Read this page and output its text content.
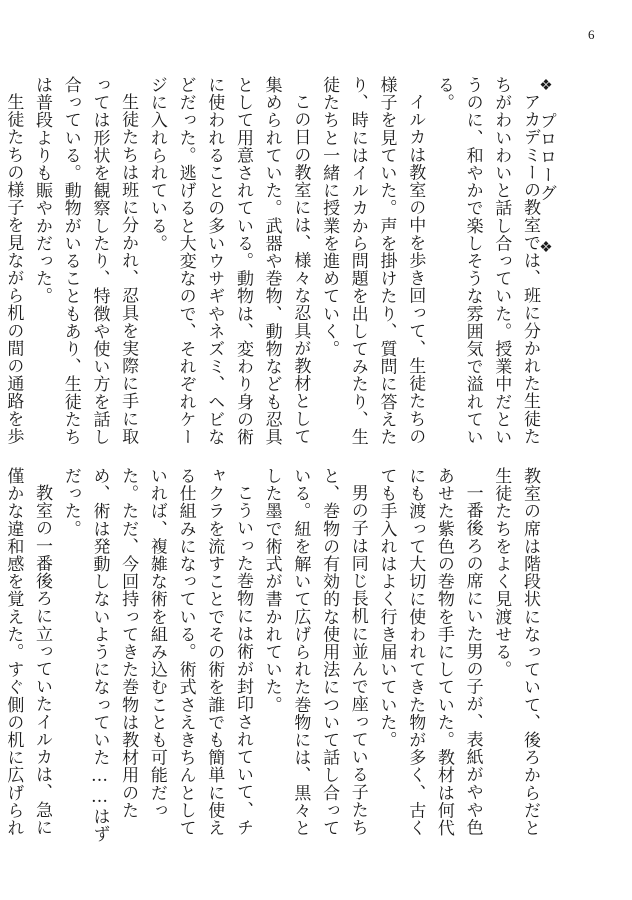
6
❖　プロローグ　　❖

アカデミーの教室では、班に分かれた生徒たちがわいわいと話し合っていた。授業中だというのに、和やかで楽しそうな雰囲気で溢れている。

イルカは教室の中を歩き回って、生徒たちの様子を見ていた。声を掛けたり、質問に答えたり、時にはイルカから問題を出してみたり、生徒たちと一緒に授業を進めていく。

この日の教室には、様々な忍具が教材として集められていた。武器や巻物、動物なども忍具として用意されている。動物は、変わり身の術に使われることの多いウサギやネズミ、ヘビなどだった。逃げると大変なので、それぞれケージに入れられている。

生徒たちは班に分かれ、忍具を実際に手に取っては形状を観察したり、特徴や使い方を話し合っている。動物がいることもあり、生徒たちは普段よりも賑やかだった。

生徒たちの様子を見ながら机の間の通路を歩

教室の席は階段状になっていて、後ろからだと生徒たちをよく見渡せる。

一番後ろの席にいた男の子が、表紙がやや色あせた紫色の巻物を手にしていた。教材は何代にも渡って大切に使われてきた物が多く、古くても手入れはよく行き届いていた。

男の子は同じ長机に並んで座っている子たちと、巻物の有効的な使用法について話し合っている。紐を解いて広げられた巻物には、黒々とした墨で術式が書かれていた。

こういった巻物には術が封印されていて、チャクラを流すことでその術を誰でも簡単に使える仕組みになっている。術式さえきちんとしていれば、複雑な術を組み込むことも可能だった。ただ、今回持ってきた巻物は教材用のため、術は発動しないようになっていた……はずだった。

教室の一番後ろに立っていたイルカは、急に僅かな違和感を覚えた。すぐ側の机に広げられ
